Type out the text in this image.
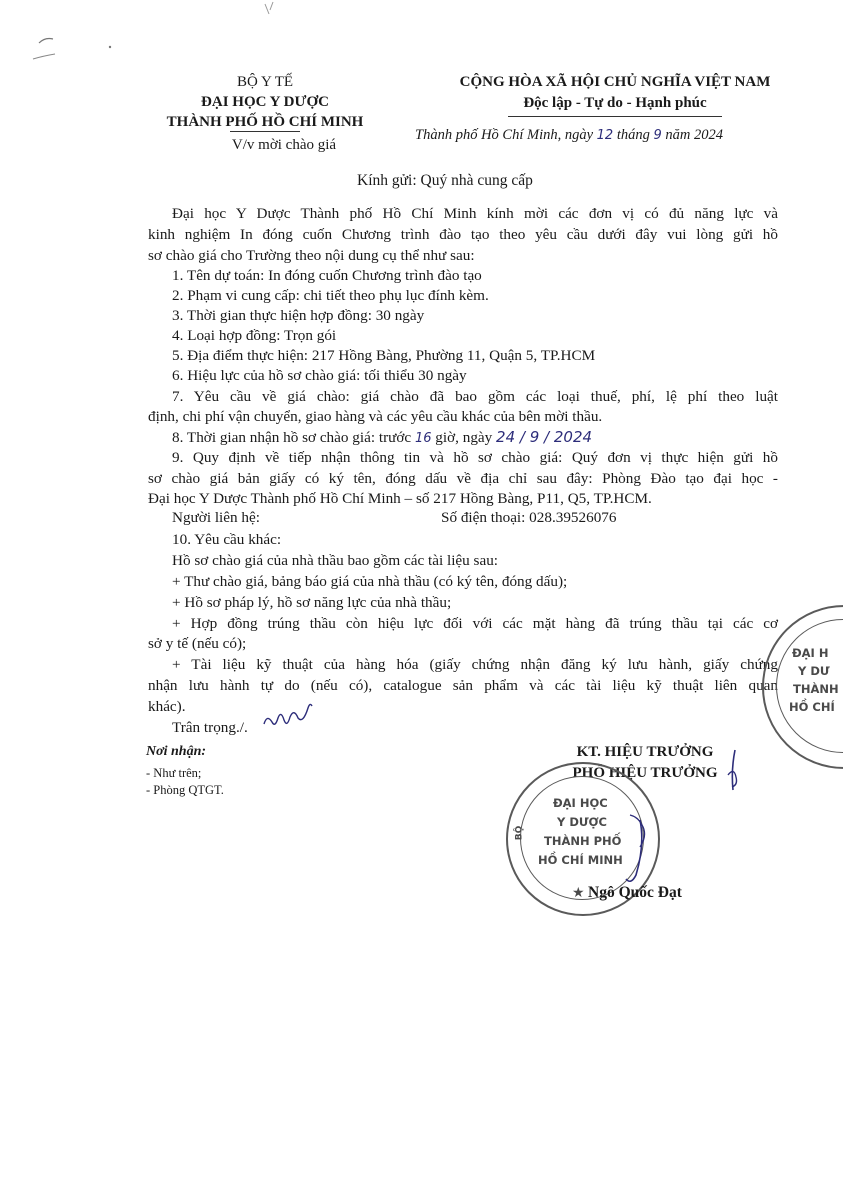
BỘ Y TẾ
ĐẠI HỌC Y DƯỢC
THÀNH PHỐ HỒ CHÍ MINH
V/v mời chào giá
CỘNG HÒA XÃ HỘI CHỦ NGHĨA VIỆT NAM
Độc lập - Tự do - Hạnh phúc
Thành phố Hồ Chí Minh, ngày 12 tháng 9 năm 2024
Kính gửi: Quý nhà cung cấp
Đại học Y Dược Thành phố Hồ Chí Minh kính mời các đơn vị có đủ năng lực và
kinh nghiệm In đóng cuốn Chương trình đào tạo theo yêu cầu dưới đây vui lòng gửi hồ
sơ chào giá cho Trường theo nội dung cụ thể như sau:
1. Tên dự toán: In đóng cuốn Chương trình đào tạo
2. Phạm vi cung cấp: chi tiết theo phụ lục đính kèm.
3. Thời gian thực hiện hợp đồng: 30 ngày
4. Loại hợp đồng: Trọn gói
5. Địa điểm thực hiện: 217 Hồng Bàng, Phường 11, Quận 5, TP.HCM
6. Hiệu lực của hồ sơ chào giá: tối thiểu 30 ngày
7. Yêu cầu về giá chào: giá chào đã bao gồm các loại thuế, phí, lệ phí theo luật
định, chi phí vận chuyển, giao hàng và các yêu cầu khác của bên mời thầu.
8. Thời gian nhận hồ sơ chào giá: trước 16 giờ, ngày 24 / 9 / 2024
9. Quy định về tiếp nhận thông tin và hồ sơ chào giá: Quý đơn vị thực hiện gửi hồ
sơ chào giá bản giấy có ký tên, đóng dấu về địa chỉ sau đây: Phòng Đào tạo đại học -
Đại học Y Dược Thành phố Hồ Chí Minh – số 217 Hồng Bàng, P11, Q5, TP.HCM.
Người liên hệ:	Số điện thoại: 028.39526076
10. Yêu cầu khác:
Hồ sơ chào giá của nhà thầu bao gồm các tài liệu sau:
+ Thư chào giá, bảng báo giá của nhà thầu (có ký tên, đóng dấu);
+ Hồ sơ pháp lý, hồ sơ năng lực của nhà thầu;
+ Hợp đồng trúng thầu còn hiệu lực đối với các mặt hàng đã trúng thầu tại các cơ
sở y tế (nếu có);
+ Tài liệu kỹ thuật của hàng hóa (giấy chứng nhận đăng ký lưu hành, giấy chứng
nhận lưu hành tự do (nếu có), catalogue sản phẩm và các tài liệu kỹ thuật liên quan
khác).
Trân trọng./.
Nơi nhận:
- Như trên;
- Phòng QTGT.
ĐẠI H
Y DƯ
THÀNH
HỒ CHÍ
KT. HIỆU TRƯỞNG
PHÓ HIỆU TRƯỞNG
ĐẠI HỌC
Y DƯỢC
THÀNH PHỐ
HỒ CHÍ MINH
BỘ
★ Ngô Quốc Đạt
